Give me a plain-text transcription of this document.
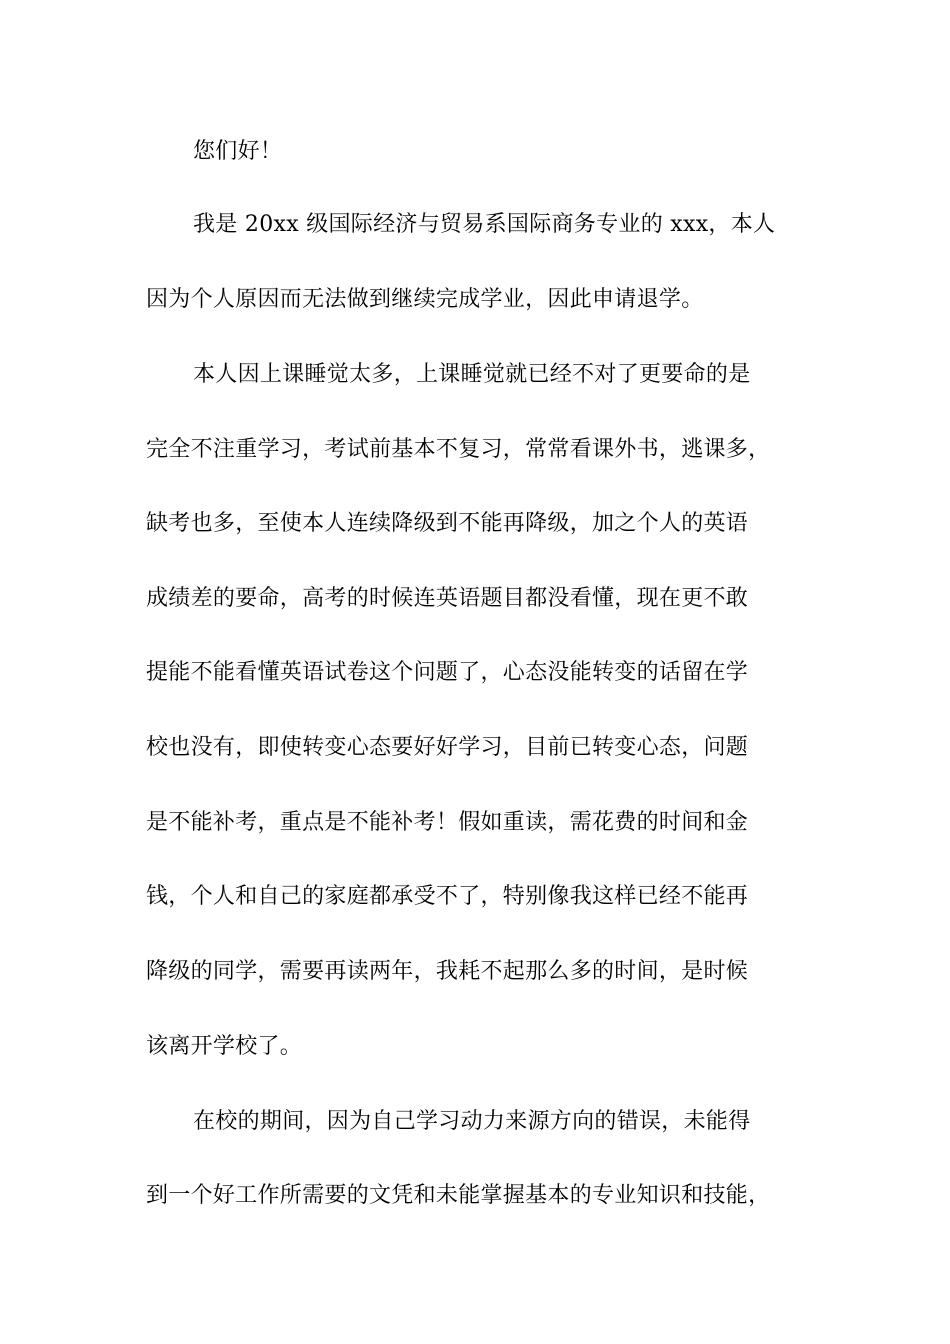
您们好！
我是 20xx 级国际经济与贸易系国际商务专业的 xxx，本人
因为个人原因而无法做到继续完成学业，因此申请退学。
本人因上课睡觉太多，上课睡觉就已经不对了更要命的是
完全不注重学习，考试前基本不复习，常常看课外书，逃课多，
缺考也多，至使本人连续降级到不能再降级，加之个人的英语
成绩差的要命，高考的时候连英语题目都没看懂，现在更不敢
提能不能看懂英语试卷这个问题了，心态没能转变的话留在学
校也没有，即使转变心态要好好学习，目前已转变心态，问题
是不能补考，重点是不能补考！假如重读，需花费的时间和金
钱，个人和自己的家庭都承受不了，特别像我这样已经不能再
降级的同学，需要再读两年，我耗不起那么多的时间，是时候
该离开学校了。
在校的期间，因为自己学习动力来源方向的错误，未能得
到一个好工作所需要的文凭和未能掌握基本的专业知识和技能，
